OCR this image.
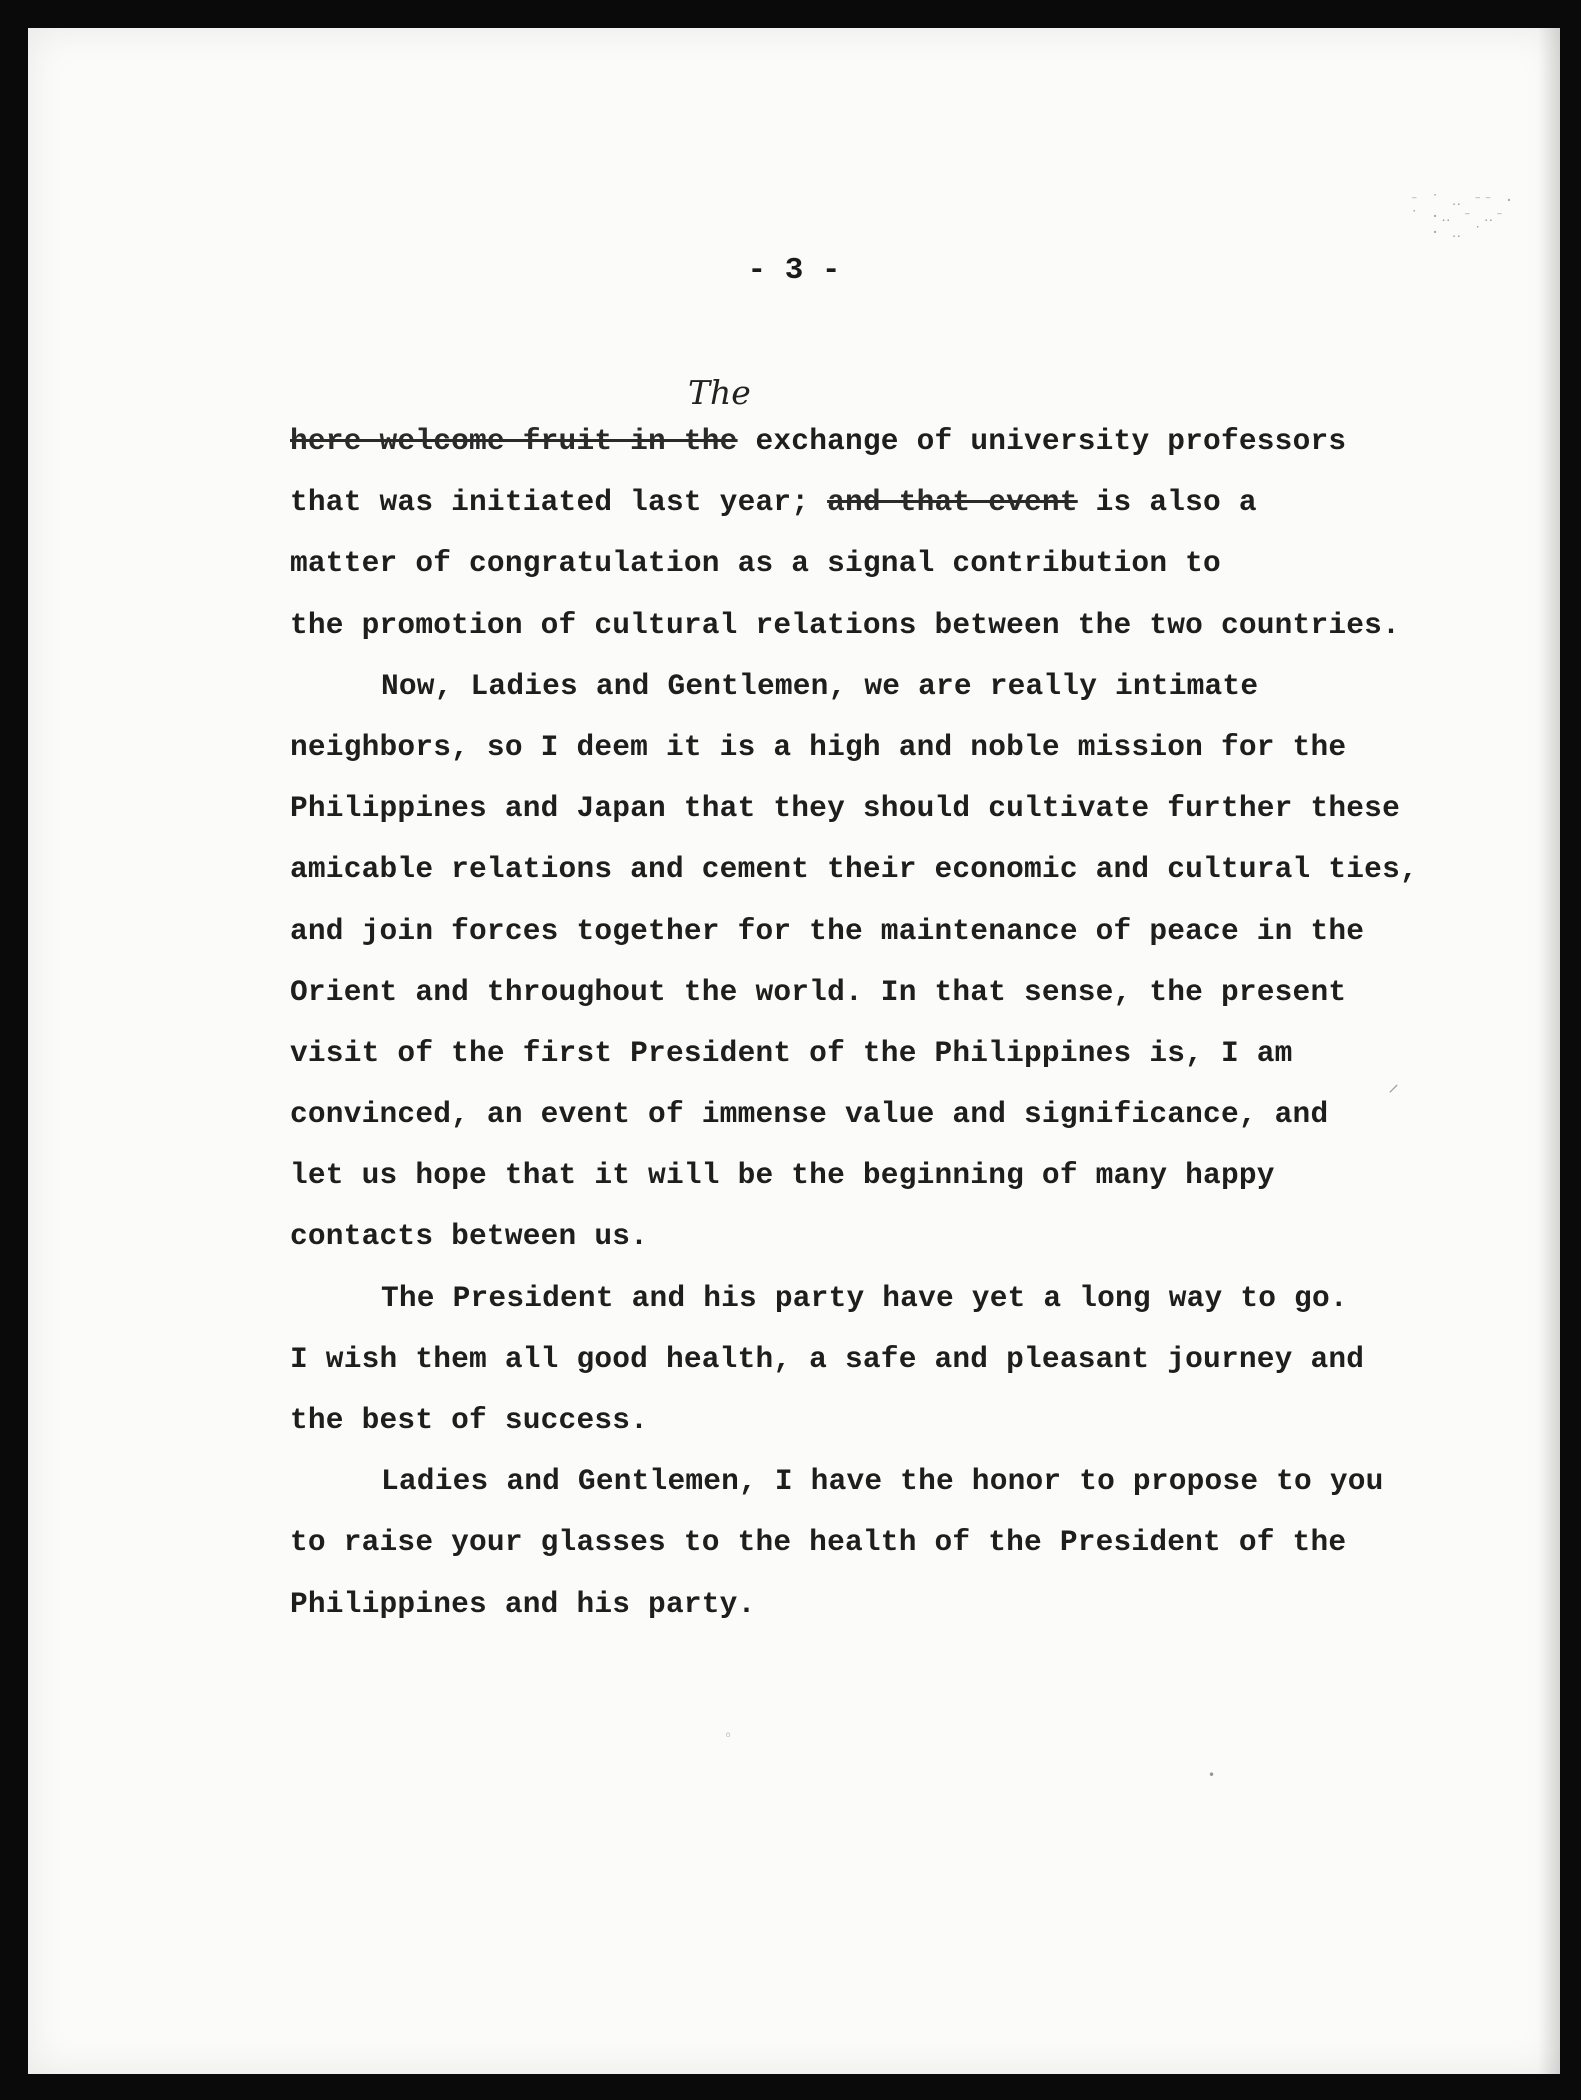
⁻ ˙ ‥ ⁻⁻ ·
˙ ·‥ ⁻ ‥⁻
· ‥ ˙
- 3 -
The
here welcome fruit in the exchange of university professors
that was initiated last year; and that event is also a
matter of congratulation as a signal contribution to
the promotion of cultural relations between the two countries.
Now, Ladies and Gentlemen, we are really intimate
neighbors, so I deem it is a high and noble mission for the
Philippines and Japan that they should cultivate further these
amicable relations and cement their economic and cultural ties,
and join forces together for the maintenance of peace in the
Orient and throughout the world. In that sense, the present
visit of the first President of the Philippines is, I am
convinced, an event of immense value and significance, and
let us hope that it will be the beginning of many happy
contacts between us.
The President and his party have yet a long way to go.
I wish them all good health, a safe and pleasant journey and
the best of success.
Ladies and Gentlemen, I have the honor to propose to you
to raise your glasses to the health of the President of the
Philippines and his party.
⸝
◦
•
